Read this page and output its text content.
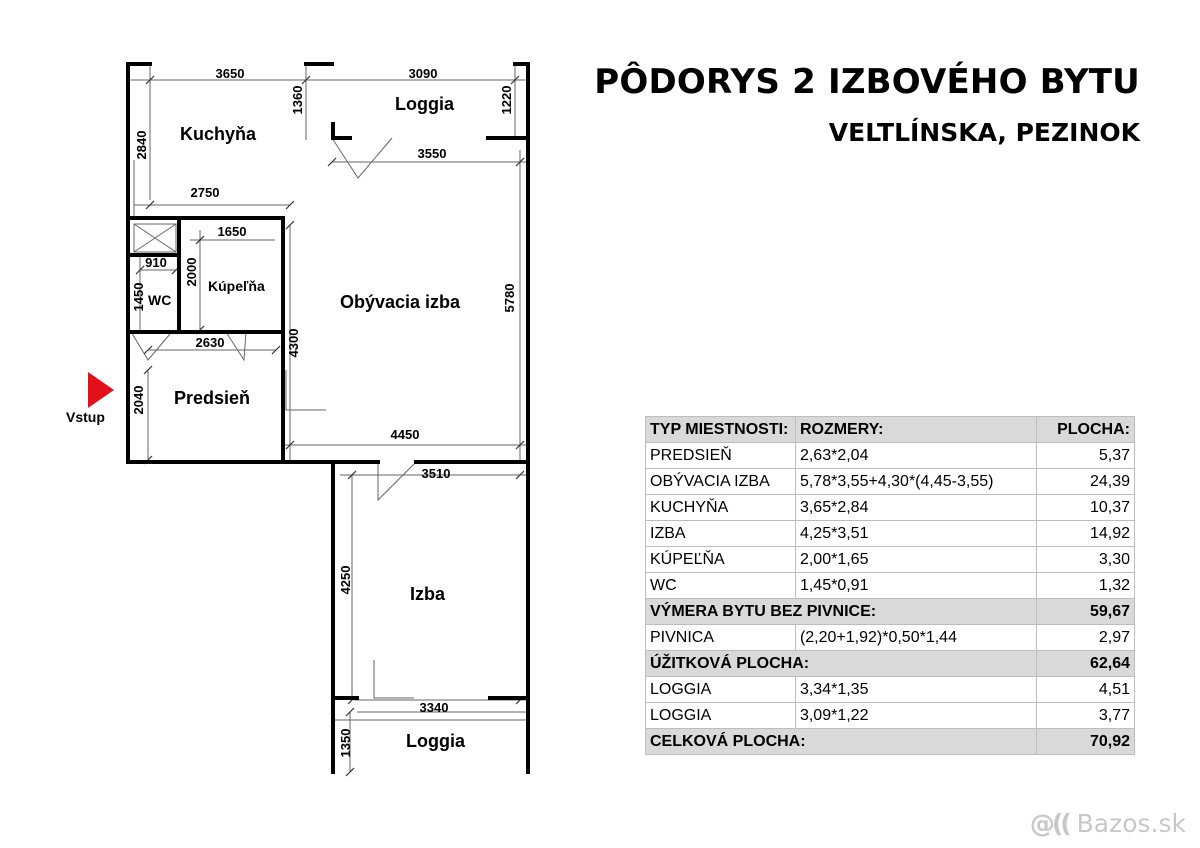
Kuchyňa
Loggia
Obývacia izba
Kúpeľňa
WC
Predsieň
Izba
Loggia
Vstup
3650	3090
3550
2750
1650
910
2630
4450
3510
3340
1360	1220
2840
2000
1450	5780
4300
2040
4250
1350
PÔDORYS 2 IZBOVÉHO BYTU
VELTLÍNSKA, PEZINOK
TYP MIESTNOSTI:	ROZMERY:	PLOCHA:
PREDSIEŇ	2,63*2,04	5,37
OBÝVACIA IZBA	5,78*3,55+4,30*(4,45-3,55)	24,39
KUCHYŇA	3,65*2,84	10,37
IZBA	4,25*3,51	14,92
KÚPEĽŇA	2,00*1,65	3,30
WC	1,45*0,91	1,32
VÝMERA BYTU BEZ PIVNICE:		59,67
PIVNICA	(2,20+1,92)*0,50*1,44	2,97
ÚŽITKOVÁ PLOCHA:		62,64
LOGGIA	3,34*1,35	4,51
LOGGIA	3,09*1,22	3,77
CELKOVÁ PLOCHA:		70,92
@(( Bazos.sk
